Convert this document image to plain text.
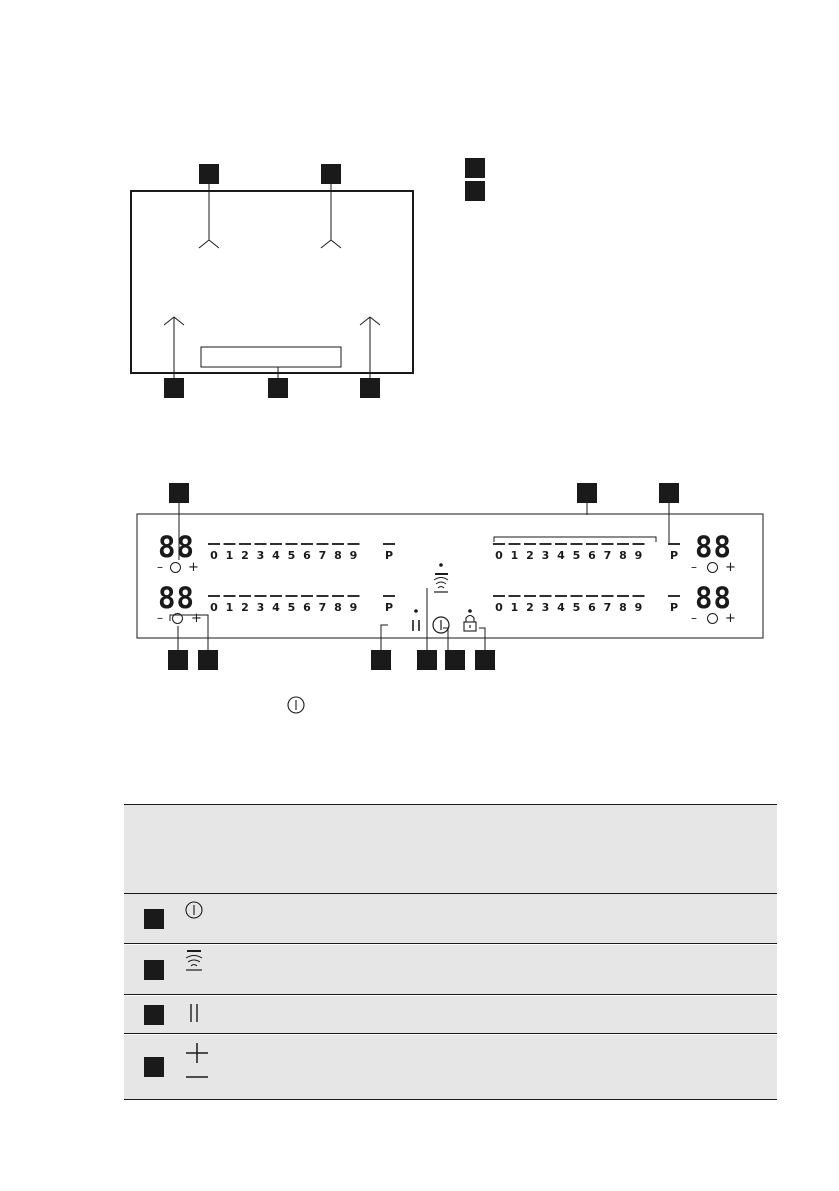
0 1 2 3 4 5 6 7 8 9	P
0 1 2 3 4 5 6 7 8 9	P
0 1 2 3 4 5 6 7 8 9	P
0 1 2 3 4 5 6 7 8 9	P
88
88
88
88
– +
– +
– +
– +
